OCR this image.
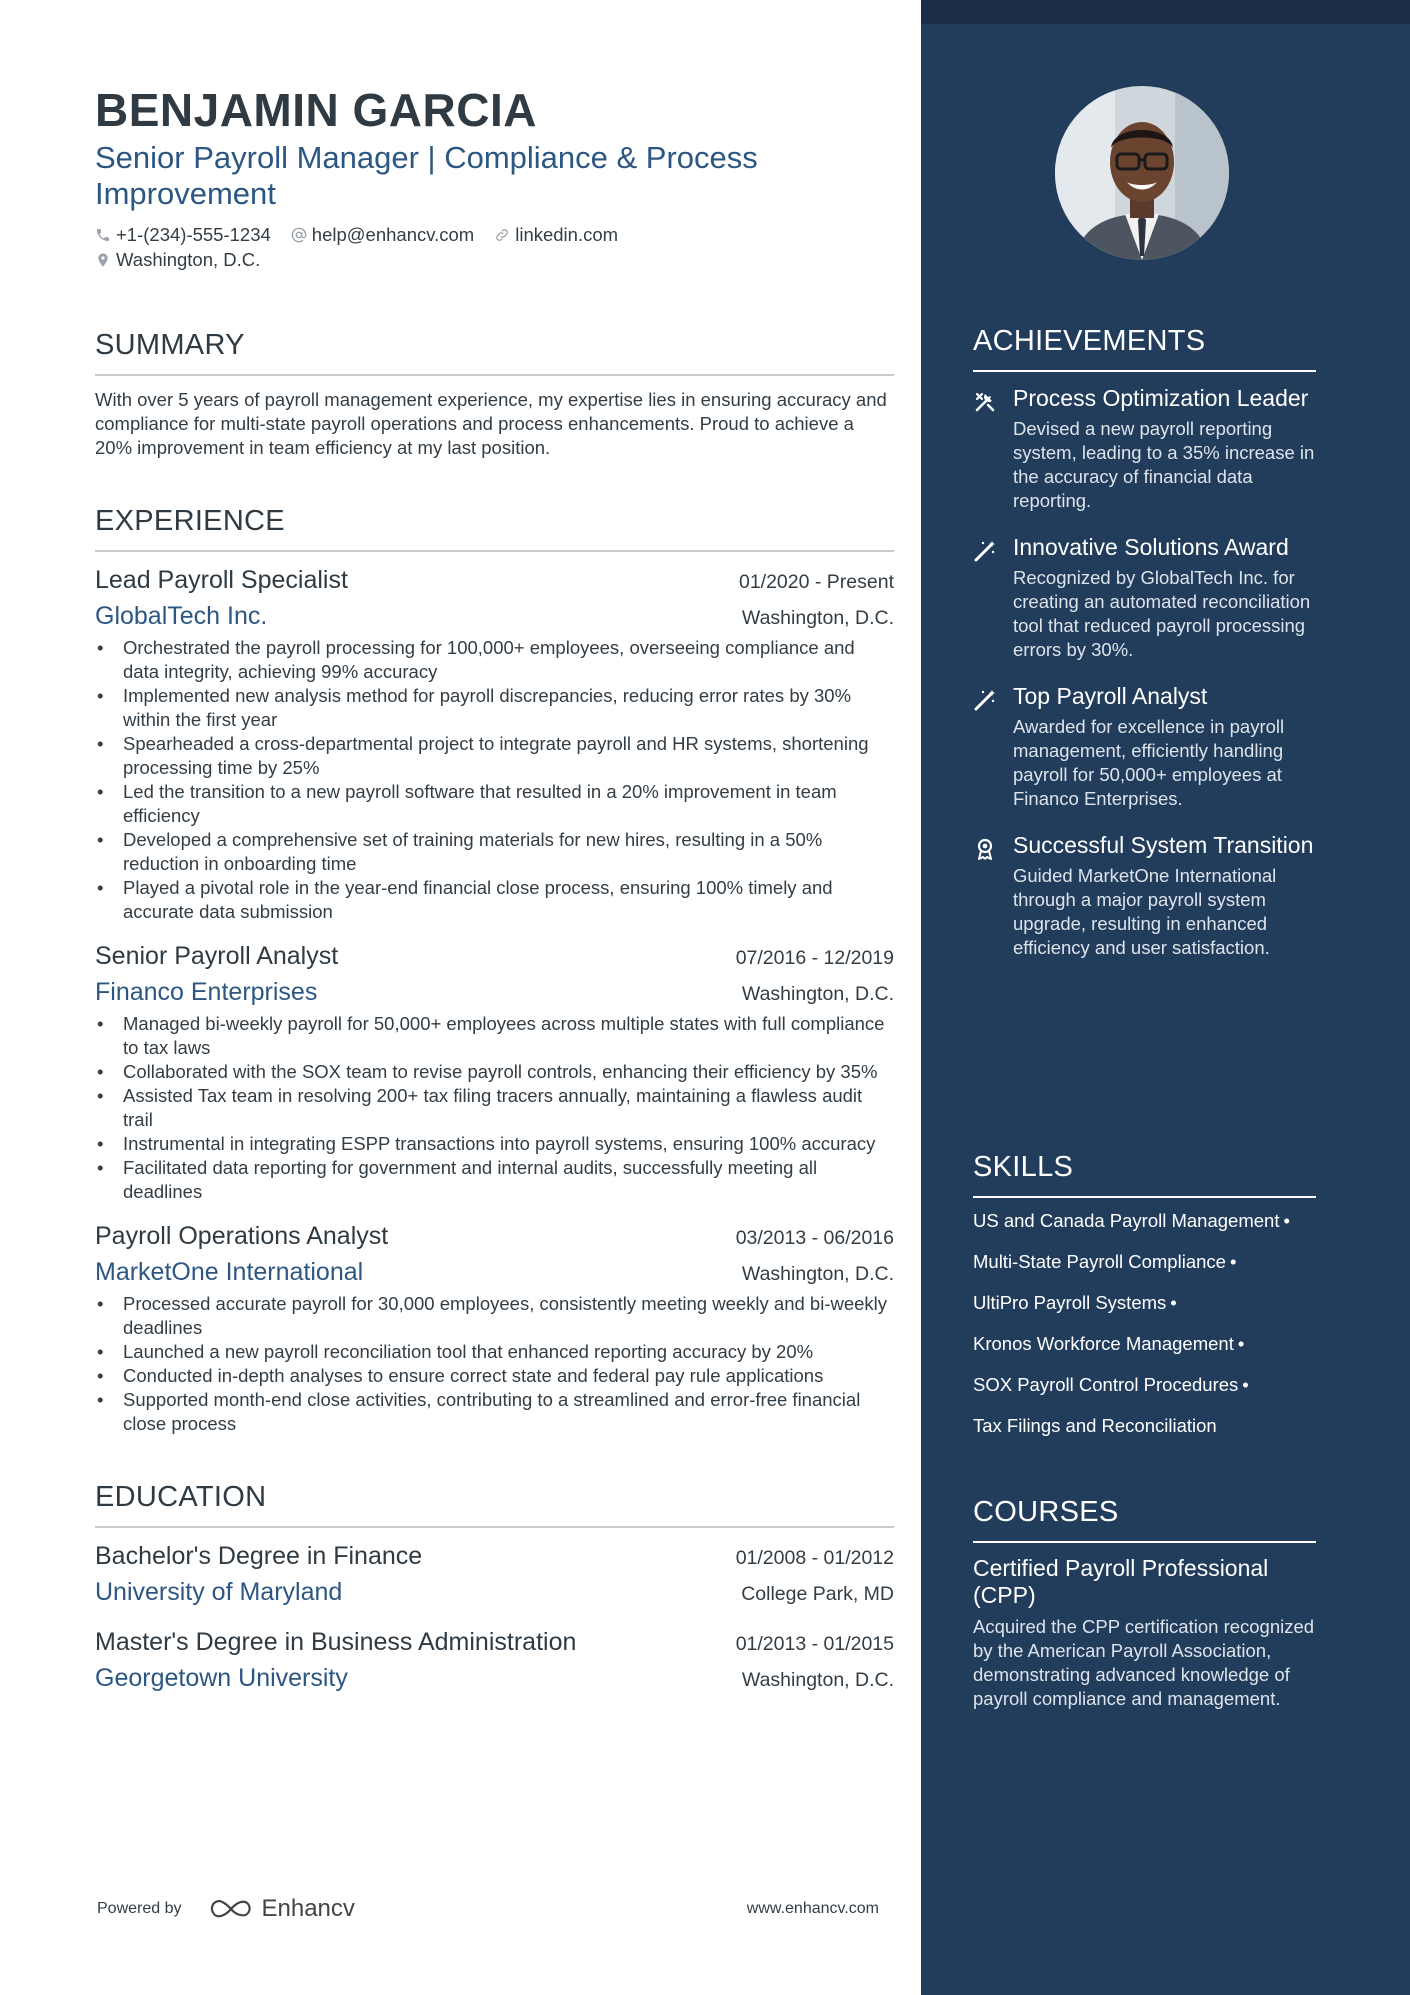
BENJAMIN GARCIA
Senior Payroll Manager | Compliance & Process Improvement
+1-(234)-555-1234 help@enhancv.com linkedin.com
Washington, D.C.
SUMMARY
With over 5 years of payroll management experience, my expertise lies in ensuring accuracy and compliance for multi-state payroll operations and process enhancements. Proud to achieve a 20% improvement in team efficiency at my last position.
EXPERIENCE
Lead Payroll Specialist	01/2020 - Present
GlobalTech Inc.	Washington, D.C.
• Orchestrated the payroll processing for 100,000+ employees, overseeing compliance and data integrity, achieving 99% accuracy
• Implemented new analysis method for payroll discrepancies, reducing error rates by 30% within the first year
• Spearheaded a cross-departmental project to integrate payroll and HR systems, shortening processing time by 25%
• Led the transition to a new payroll software that resulted in a 20% improvement in team efficiency
• Developed a comprehensive set of training materials for new hires, resulting in a 50% reduction in onboarding time
• Played a pivotal role in the year-end financial close process, ensuring 100% timely and accurate data submission
Senior Payroll Analyst	07/2016 - 12/2019
Financo Enterprises	Washington, D.C.
• Managed bi-weekly payroll for 50,000+ employees across multiple states with full compliance to tax laws
• Collaborated with the SOX team to revise payroll controls, enhancing their efficiency by 35%
• Assisted Tax team in resolving 200+ tax filing tracers annually, maintaining a flawless audit trail
• Instrumental in integrating ESPP transactions into payroll systems, ensuring 100% accuracy
• Facilitated data reporting for government and internal audits, successfully meeting all deadlines
Payroll Operations Analyst	03/2013 - 06/2016
MarketOne International	Washington, D.C.
• Processed accurate payroll for 30,000 employees, consistently meeting weekly and bi-weekly deadlines
• Launched a new payroll reconciliation tool that enhanced reporting accuracy by 20%
• Conducted in-depth analyses to ensure correct state and federal pay rule applications
• Supported month-end close activities, contributing to a streamlined and error-free financial close process
EDUCATION
Bachelor's Degree in Finance	01/2008 - 01/2012
University of Maryland	College Park, MD
Master's Degree in Business Administration	01/2013 - 01/2015
Georgetown University	Washington, D.C.
Powered by	Enhancv	www.enhancv.com
ACHIEVEMENTS
Process Optimization Leader
Devised a new payroll reporting system, leading to a 35% increase in the accuracy of financial data reporting.
Innovative Solutions Award
Recognized by GlobalTech Inc. for creating an automated reconciliation tool that reduced payroll processing errors by 30%.
Top Payroll Analyst
Awarded for excellence in payroll management, efficiently handling payroll for 50,000+ employees at Financo Enterprises.
Successful System Transition
Guided MarketOne International through a major payroll system upgrade, resulting in enhanced efficiency and user satisfaction.
SKILLS
US and Canada Payroll Management •
Multi-State Payroll Compliance •
UltiPro Payroll Systems •
Kronos Workforce Management •
SOX Payroll Control Procedures •
Tax Filings and Reconciliation
COURSES
Certified Payroll Professional (CPP)
Acquired the CPP certification recognized by the American Payroll Association, demonstrating advanced knowledge of payroll compliance and management.
